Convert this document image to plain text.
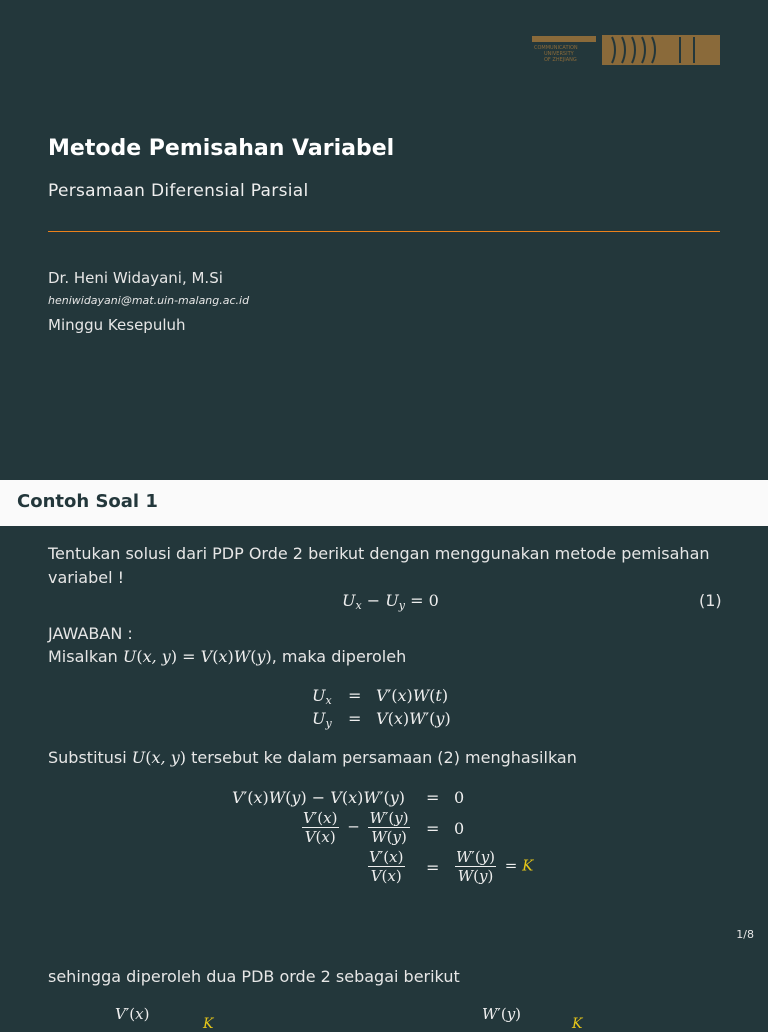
COMMUNICATION
UNIVERSITY
OF ZHEJIANG
Metode Pemisahan Variabel
Persamaan Diferensial Parsial
Dr. Heni Widayani, M.Si
heniwidayani@mat.uin-malang.ac.id
Minggu Kesepuluh
Contoh Soal 1
Tentukan solusi dari PDP Orde 2 berikut dengan menggunakan metode pemisahan
variabel !
$U_x - U_y = 0$	(1)
JAWABAN :
Misalkan U(x, y) = V(x)W(y), maka diperoleh
$U_x = V'(x)W(t)$
$U_y = V(x)W'(y)$
Substitusi U(x, y) tersebut ke dalam persamaan (2) menghasilkan
V′(x)W(y) − V(x)W′(y) = 0
$\frac{V'(x)}{V(x)} - \frac{W'(y)}{W(y)} = 0$
$\frac{V'(x)}{V(x)} = \frac{W'(y)}{W(y)} = K$
1/8
sehingga diperoleh dua PDB orde 2 sebagai berikut
V′(x)
K
W′(y)
K
